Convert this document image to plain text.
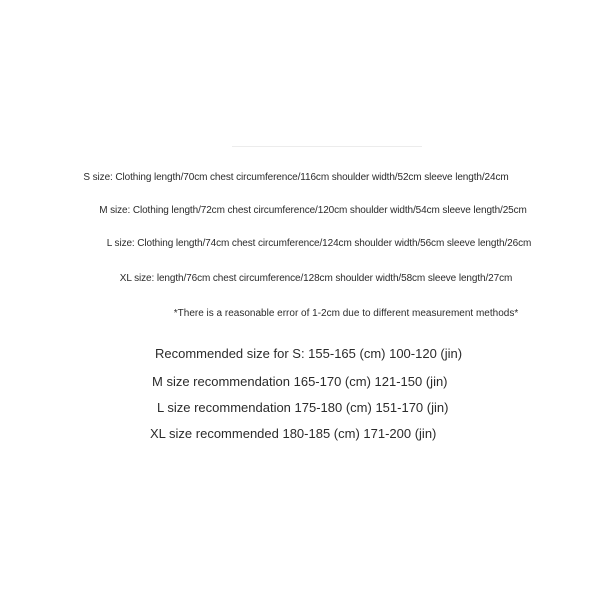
S size: Clothing length/70cm chest circumference/116cm shoulder width/52cm sleeve length/24cm
M size: Clothing length/72cm chest circumference/120cm shoulder width/54cm sleeve length/25cm
L size: Clothing length/74cm chest circumference/124cm shoulder width/56cm sleeve length/26cm
XL size: length/76cm chest circumference/128cm shoulder width/58cm sleeve length/27cm
*There is a reasonable error of 1-2cm due to different measurement methods*
Recommended size for S: 155-165 (cm) 100-120 (jin)
M size recommendation 165-170 (cm) 121-150 (jin)
L size recommendation 175-180 (cm) 151-170 (jin)
XL size recommended 180-185 (cm) 171-200 (jin)
